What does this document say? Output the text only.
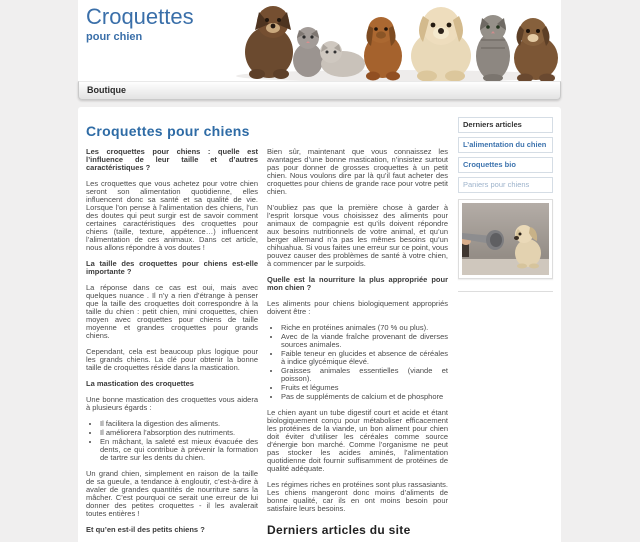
Croquettes
pour chien
Boutique
Croquettes pour chiens
Les croquettes pour chiens : quelle est l’influence de leur taille et d’autres caractéristiques ?

Les croquettes que vous achetez pour votre chien seront son alimentation quotidienne, elles influencent donc sa santé et sa qualité de vie. Lorsque l’on pense à l’alimentation des chiens, l’un des doutes qui peut surgir est de savoir comment certaines caractéristiques des croquettes pour chiens (taille, texture, appétence…) influencent l’alimentation de ces animaux. Dans cet article, nous allons répondre à vos doutes !

La taille des croquettes pour chiens est-elle importante ?

La réponse dans ce cas est oui, mais avec quelques nuance . Il n’y a rien d’étrange à penser que la taille des croquettes doit correspondre à la taille du chien : petit chien, mini croquettes, chien moyen avec croquettes pour chiens de taille moyenne et grandes croquettes pour grands chiens.

Cependant, cela est beaucoup plus logique pour les grands chiens. La clé pour obtenir la bonne taille de croquettes réside dans la mastication.

La mastication des croquettes

Une bonne mastication des croquettes vous aidera à plusieurs égards :

• Il facilitera la digestion des aliments.
• Il améliorera l’absorption des nutriments.
• En mâchant, la saleté est mieux évacuée des dents, ce qui contribue à prévenir la formation de tartre sur les dents du chien.

Un grand chien, simplement en raison de la taille de sa gueule, a tendance à engloutir, c’est-à-dire à avaler de grandes quantités de nourriture sans la mâcher. C’est pourquoi ce serait une erreur de lui donner des petites croquettes - il les avalerait toutes entières !

Et qu’en est-il des petits chiens ?

Bien sûr, maintenant que vous connaissez les avantages d’une bonne mastication, n’insistez surtout pas pour donner de grosses croquettes à un petit chien. Nous voulons dire par là qu’il faut acheter des croquettes pour chiens de grande race pour votre petit chien.

N’oubliez pas que la première chose à garder à l’esprit lorsque vous choisissez des aliments pour animaux de compagnie est qu’ils doivent répondre aux besoins nutritionnels de votre animal, et qu’un berger allemand n’a pas les mêmes besoins qu’un chihuahua. Si vous faites une erreur sur ce point, vous pouvez causer des problèmes de santé à votre chien, à commencer par le surpoids.

Quelle est la nourriture la plus appropriée pour mon chien ?

Les aliments pour chiens biologiquement appropriés doivent être :

• Riche en protéines animales (70 % ou plus).
• Avec de la viande fraîche provenant de diverses sources animales.
• Faible teneur en glucides et absence de céréales à indice glycémique élevé.
• Graisses animales essentielles (viande et poisson).
• Fruits et légumes
• Pas de suppléments de calcium et de phosphore

Le chien ayant un tube digestif court et acide et étant biologiquement conçu pour métaboliser efficacement les protéines de la viande, un bon aliment pour chien doit éviter d’utiliser les céréales comme source d’énergie bon marché. Comme l’organisme ne peut pas stocker les acides aminés, l’alimentation quotidienne doit fournir suffisamment de protéines de qualité adéquate.

Les régimes riches en protéines sont plus rassasiants. Les chiens mangeront donc moins d’aliments de bonne qualité, car ils en ont moins besoin pour satisfaire leurs besoins.

Derniers articles du site
Derniers articles
L’alimentation du chien
Croquettes bio
Paniers pour chiens
